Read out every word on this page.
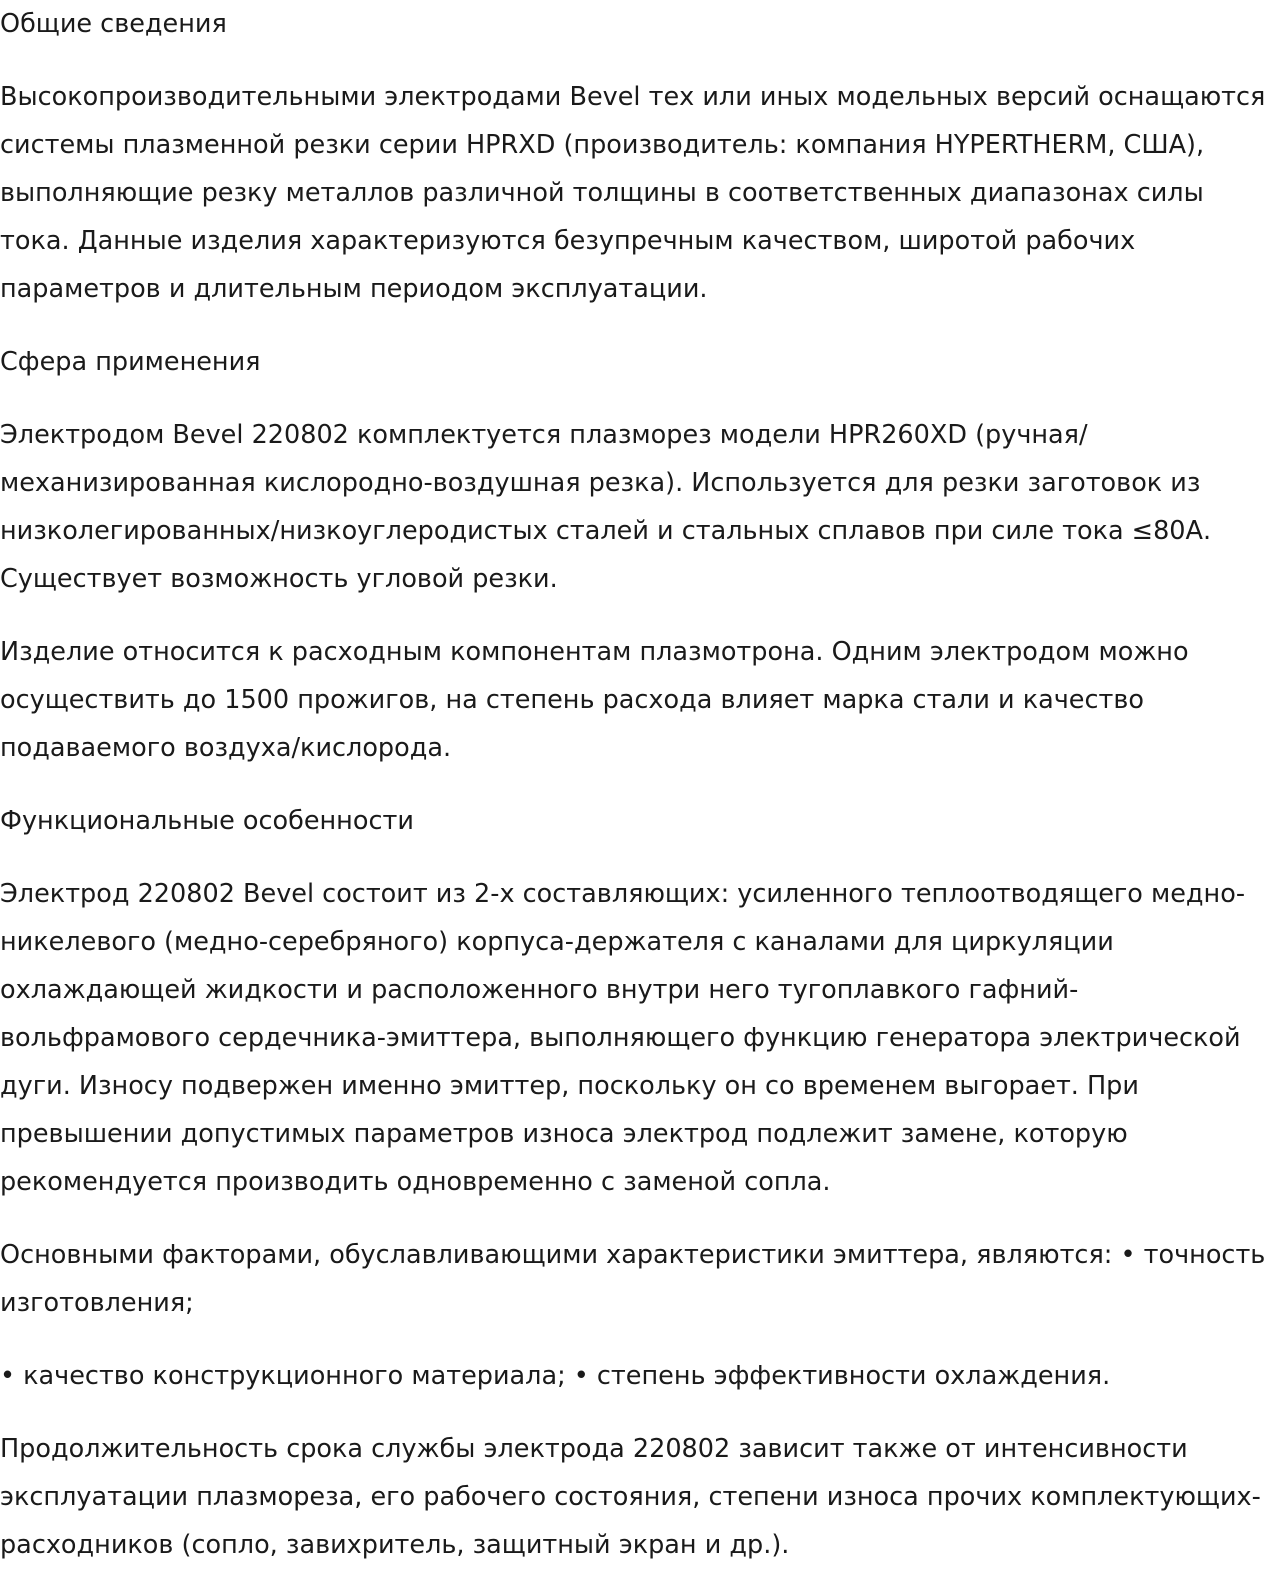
Общие сведения

Высокопроизводительными электродами Bevel тех или иных модельных версий оснащаются системы плазменной резки серии HPRXD (производитель: компания HYPERTHERM, США), выполняющие резку металлов различной толщины в соответственных диапазонах силы тока. Данные изделия характеризуются безупречным качеством, широтой рабочих параметров и длительным периодом эксплуатации.

Сфера применения

Электродом Bevel 220802 комплектуется плазморез модели HPR260XD (ручная/механизированная кислородно-воздушная резка). Используется для резки заготовок из низколегированных/низкоуглеродистых сталей и стальных сплавов при силе тока ≤80А. Существует возможность угловой резки.

Изделие относится к расходным компонентам плазмотрона. Одним электродом можно осуществить до 1500 прожигов, на степень расхода влияет марка стали и качество подаваемого воздуха/кислорода.

Функциональные особенности

Электрод 220802 Bevel состоит из 2-х составляющих: усиленного теплоотводящего медно-никелевого (медно-серебряного) корпуса-держателя с каналами для циркуляции охлаждающей жидкости и расположенного внутри него тугоплавкого гафний-вольфрамового сердечника-эмиттера, выполняющего функцию генератора электрической дуги. Износу подвержен именно эмиттер, поскольку он со временем выгорает. При превышении допустимых параметров износа электрод подлежит замене, которую рекомендуется производить одновременно с заменой сопла.

Основными факторами, обуславливающими характеристики эмиттера, являются: • точность изготовления;

• качество конструкционного материала; • степень эффективности охлаждения.

Продолжительность срока службы электрода 220802 зависит также от интенсивности эксплуатации плазмореза, его рабочего состояния, степени износа прочих комплектующих-расходников (сопло, завихритель, защитный экран и др.).
